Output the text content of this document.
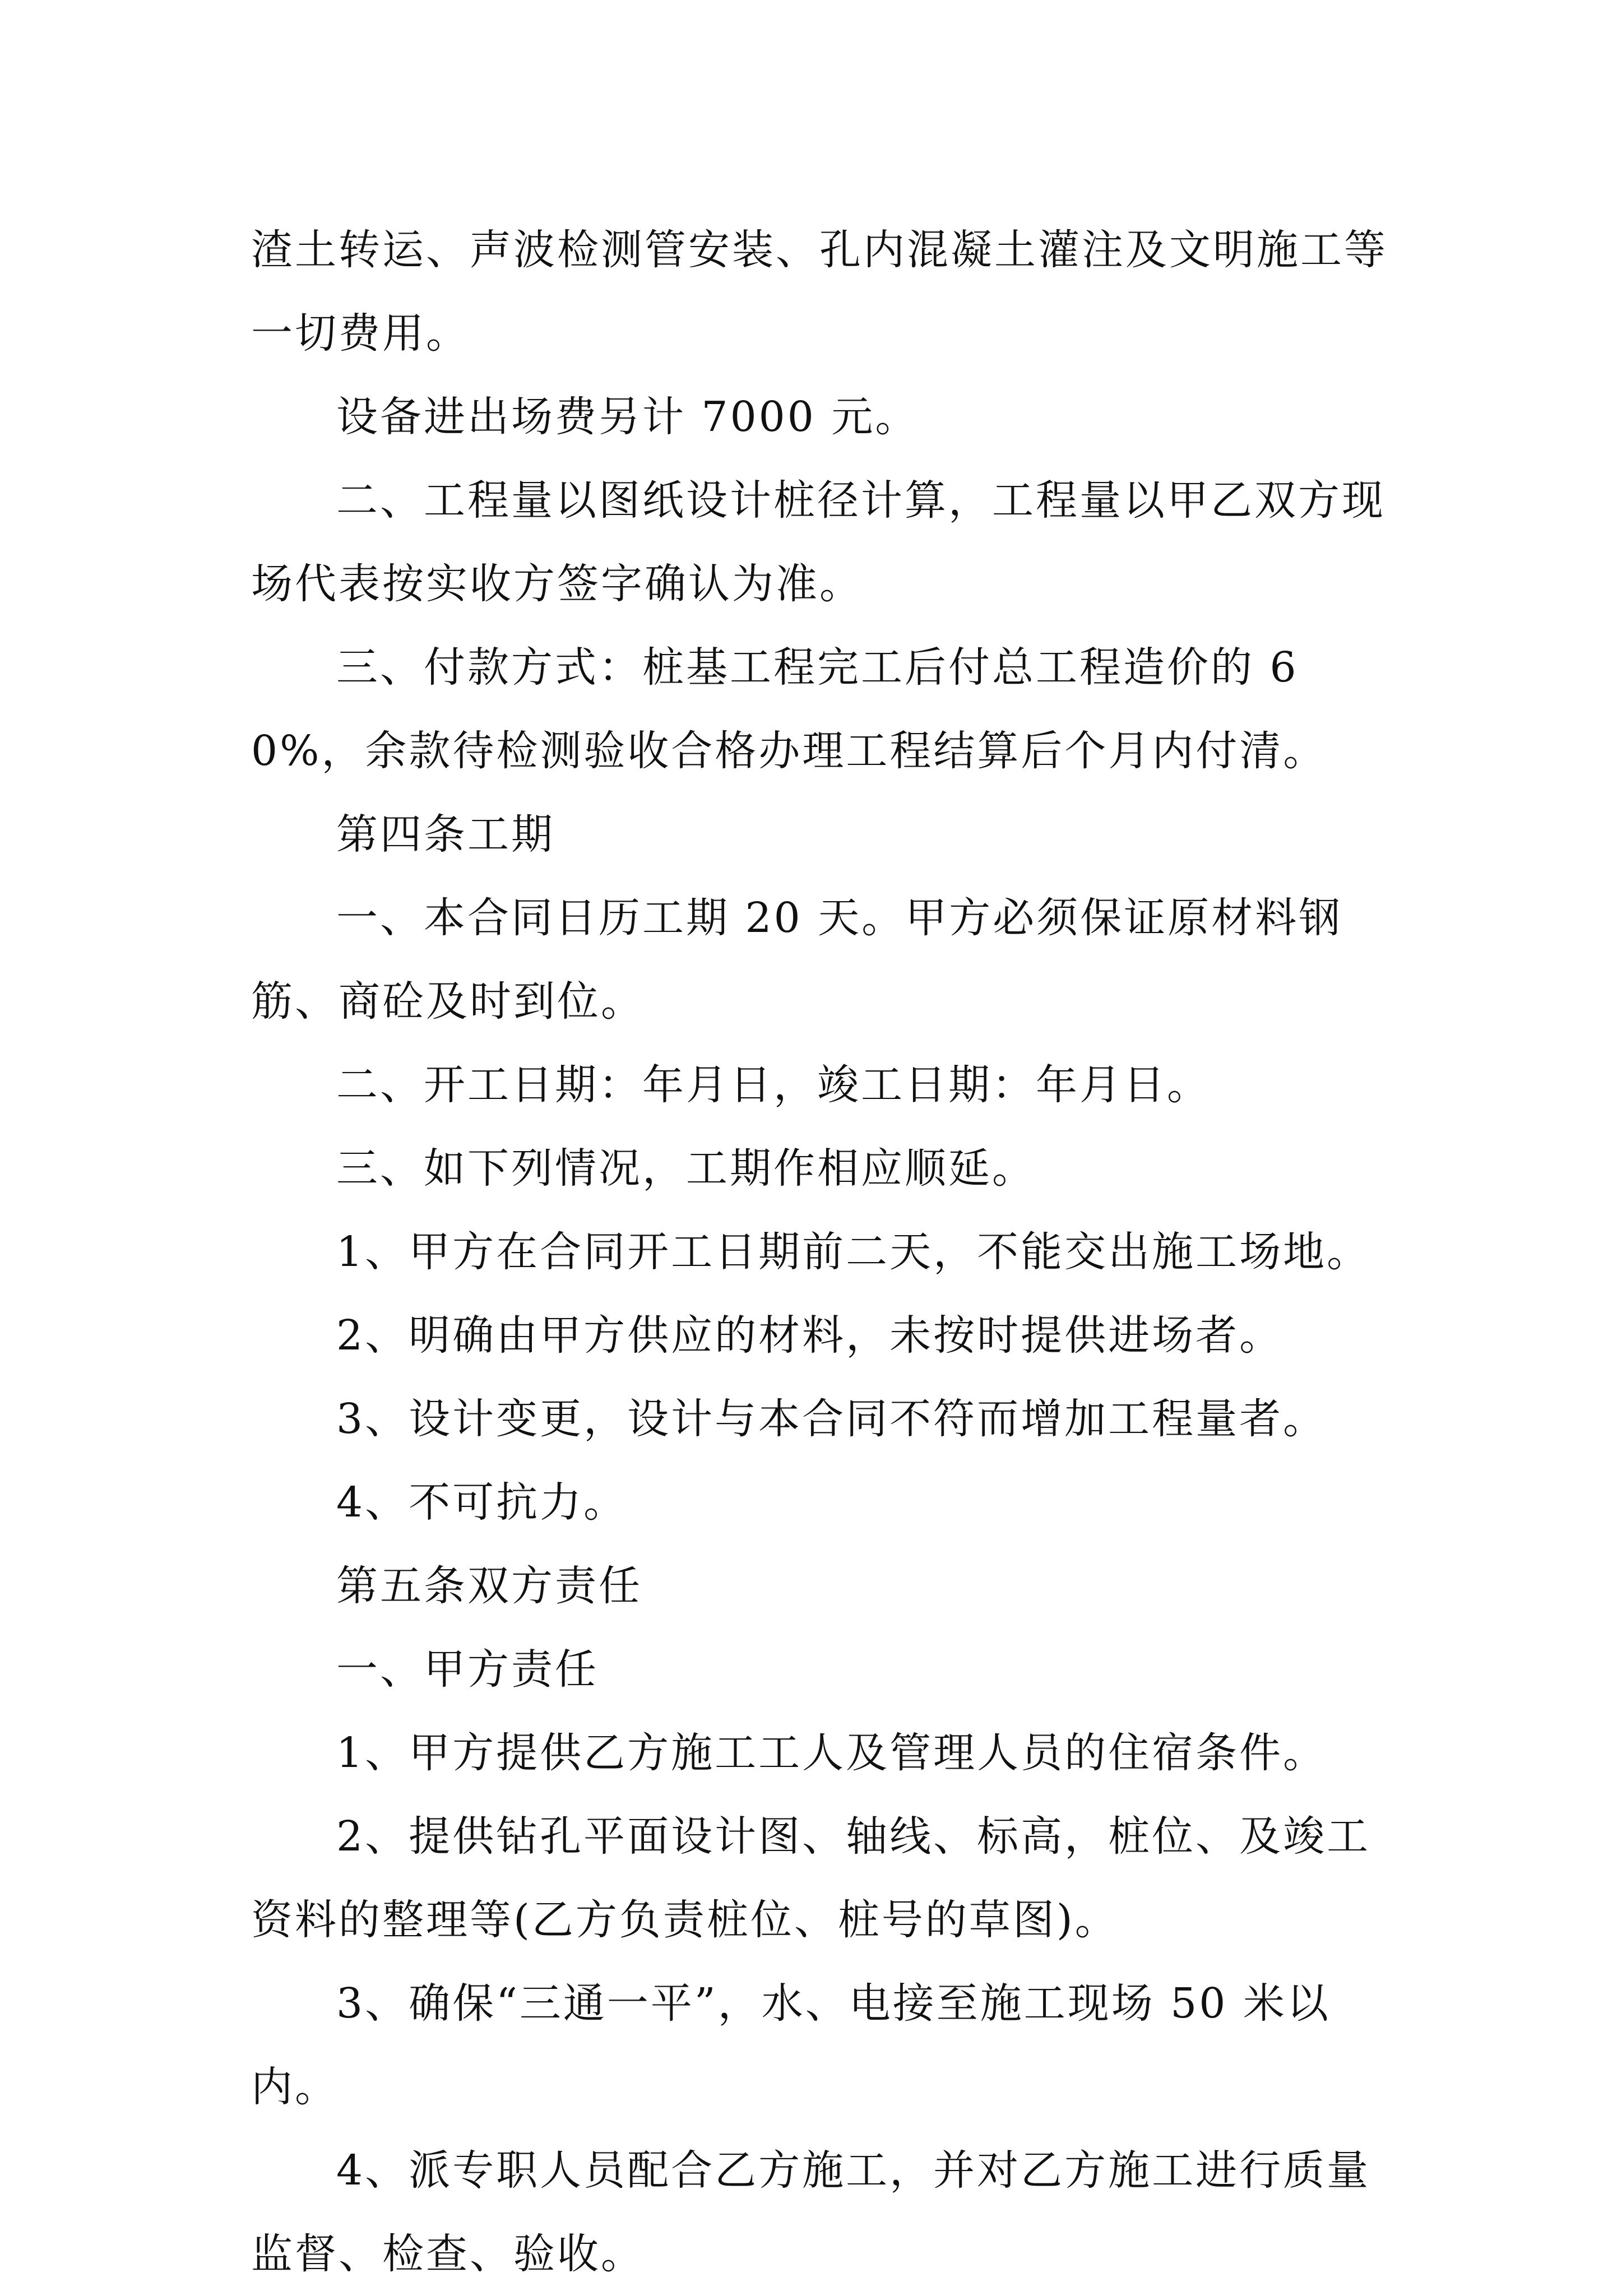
渣土转运、声波检测管安装、孔内混凝土灌注及文明施工等一切费用。

设备进出场费另计 7000 元。

二、工程量以图纸设计桩径计算，工程量以甲乙双方现场代表按实收方签字确认为准。

三、付款方式：桩基工程完工后付总工程造价的 60%，余款待检测验收合格办理工程结算后个月内付清。

第四条工期

一、本合同日历工期 20 天。甲方必须保证原材料钢筋、商砼及时到位。

二、开工日期：年月日，竣工日期：年月日。

三、如下列情况，工期作相应顺延。

1、甲方在合同开工日期前二天，不能交出施工场地。

2、明确由甲方供应的材料，未按时提供进场者。

3、设计变更，设计与本合同不符而增加工程量者。

4、不可抗力。

第五条双方责任

一、甲方责任

1、甲方提供乙方施工工人及管理人员的住宿条件。

2、提供钻孔平面设计图、轴线、标高，桩位、及竣工资料的整理等(乙方负责桩位、桩号的草图)。

3、确保“三通一平”，水、电接至施工现场 50 米以内。

4、派专职人员配合乙方施工，并对乙方施工进行质量监督、检查、验收。
